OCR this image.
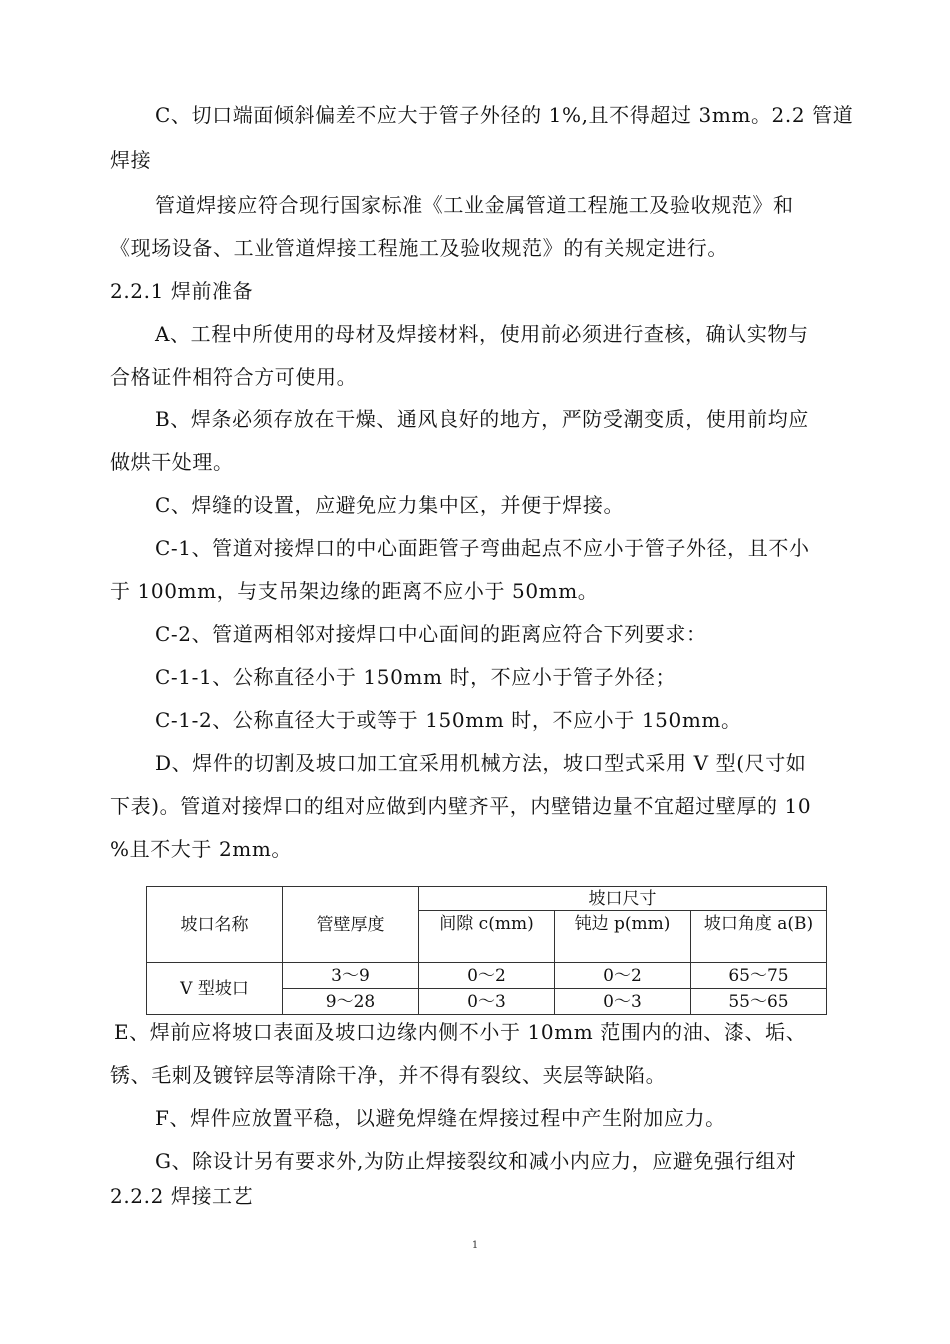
C、切口端面倾斜偏差不应大于管子外径的 1%,且不得超过 3mm。2.2 管道
焊接
管道焊接应符合现行国家标准《工业金属管道工程施工及验收规范》和
《现场设备、工业管道焊接工程施工及验收规范》的有关规定进行。
2.2.1 焊前准备
A、工程中所使用的母材及焊接材料，使用前必须进行查核，确认实物与
合格证件相符合方可使用。
B、焊条必须存放在干燥、通风良好的地方，严防受潮变质，使用前均应
做烘干处理。
C、焊缝的设置，应避免应力集中区，并便于焊接。
C-1、管道对接焊口的中心面距管子弯曲起点不应小于管子外径，且不小
于 100mm，与支吊架边缘的距离不应小于 50mm。
C-2、管道两相邻对接焊口中心面间的距离应符合下列要求：
C-1-1、公称直径小于 150mm 时，不应小于管子外径；
C-1-2、公称直径大于或等于 150mm 时，不应小于 150mm。
D、焊件的切割及坡口加工宜采用机械方法，坡口型式采用 V 型(尺寸如
下表)。管道对接焊口的组对应做到内壁齐平，内壁错边量不宜超过壁厚的 10
%且不大于 2mm。
坡口名称	管壁厚度	坡口尺寸		
		间隙 c(mm)	钝边 p(mm)	坡口角度 a(B)
V 型坡口	3～9	0～2	0～2	65～75
	9～28	0～3	0～3	55～65
E、焊前应将坡口表面及坡口边缘内侧不小于 10mm 范围内的油、漆、垢、
锈、毛刺及镀锌层等清除干净，并不得有裂纹、夹层等缺陷。
F、焊件应放置平稳，以避免焊缝在焊接过程中产生附加应力。
G、除设计另有要求外,为防止焊接裂纹和减小内应力，应避免强行组对
2.2.2 焊接工艺
1
